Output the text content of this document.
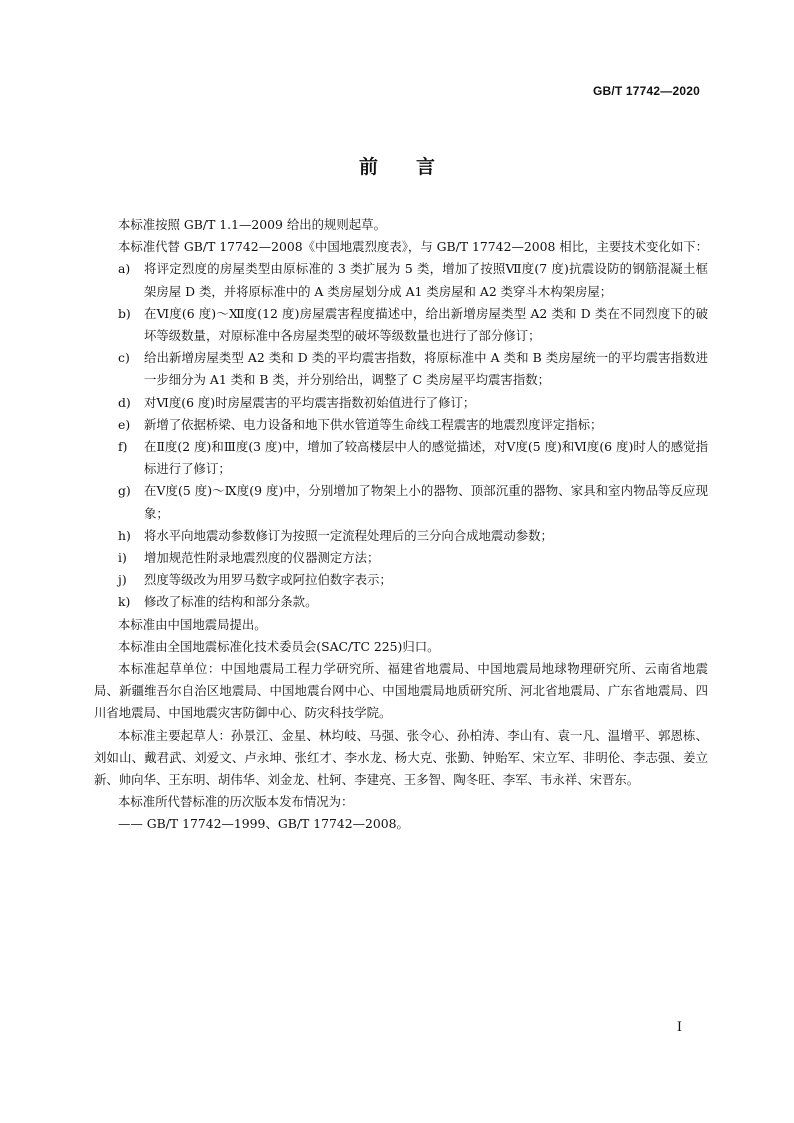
GB/T 17742—2020
前　　言

本标准按照 GB/T 1.1—2009 给出的规则起草。

本标准代替 GB/T 17742—2008《中国地震烈度表》，与 GB/T 17742—2008 相比，主要技术变化如下：

a)	将评定烈度的房屋类型由原标准的 3 类扩展为 5 类，增加了按照Ⅶ度(7 度)抗震设防的钢筋混凝土框架房屋 D 类，并将原标准中的 A 类房屋划分成 A1 类房屋和 A2 类穿斗木构架房屋；
b)	在Ⅵ度(6 度)～Ⅻ度(12 度)房屋震害程度描述中，给出新增房屋类型 A2 类和 D 类在不同烈度下的破坏等级数量，对原标准中各房屋类型的破坏等级数量也进行了部分修订；
c)	给出新增房屋类型 A2 类和 D 类的平均震害指数，将原标准中 A 类和 B 类房屋统一的平均震害指数进一步细分为 A1 类和 B 类，并分别给出，调整了 C 类房屋平均震害指数；
d)	对Ⅵ度(6 度)时房屋震害的平均震害指数初始值进行了修订；
e)	新增了依据桥梁、电力设备和地下供水管道等生命线工程震害的地震烈度评定指标；
f)	在Ⅱ度(2 度)和Ⅲ度(3 度)中，增加了较高楼层中人的感觉描述，对Ⅴ度(5 度)和Ⅵ度(6 度)时人的感觉指标进行了修订；
g)	在Ⅴ度(5 度)～Ⅸ度(9 度)中，分别增加了物架上小的器物、顶部沉重的器物、家具和室内物品等反应现象；
h)	将水平向地震动参数修订为按照一定流程处理后的三分向合成地震动参数；
i)	增加规范性附录地震烈度的仪器测定方法；
j)	烈度等级改为用罗马数字或阿拉伯数字表示；
k)	修改了标准的结构和部分条款。

本标准由中国地震局提出。

本标准由全国地震标准化技术委员会(SAC/TC 225)归口。

本标准起草单位：中国地震局工程力学研究所、福建省地震局、中国地震局地球物理研究所、云南省地震局、新疆维吾尔自治区地震局、中国地震台网中心、中国地震局地质研究所、河北省地震局、广东省地震局、四川省地震局、中国地震灾害防御中心、防灾科技学院。

本标准主要起草人：孙景江、金星、林均岐、马强、张令心、孙柏涛、李山有、袁一凡、温增平、郭恩栋、刘如山、戴君武、刘爱文、卢永坤、张红才、李水龙、杨大克、张勤、钟贻军、宋立军、非明伦、李志强、姜立新、帅向华、王东明、胡伟华、刘金龙、杜轲、李建亮、王多智、陶冬旺、李军、韦永祥、宋晋东。

本标准所代替标准的历次版本发布情况为：

—— GB/T 17742—1999、GB/T 17742—2008。

I
